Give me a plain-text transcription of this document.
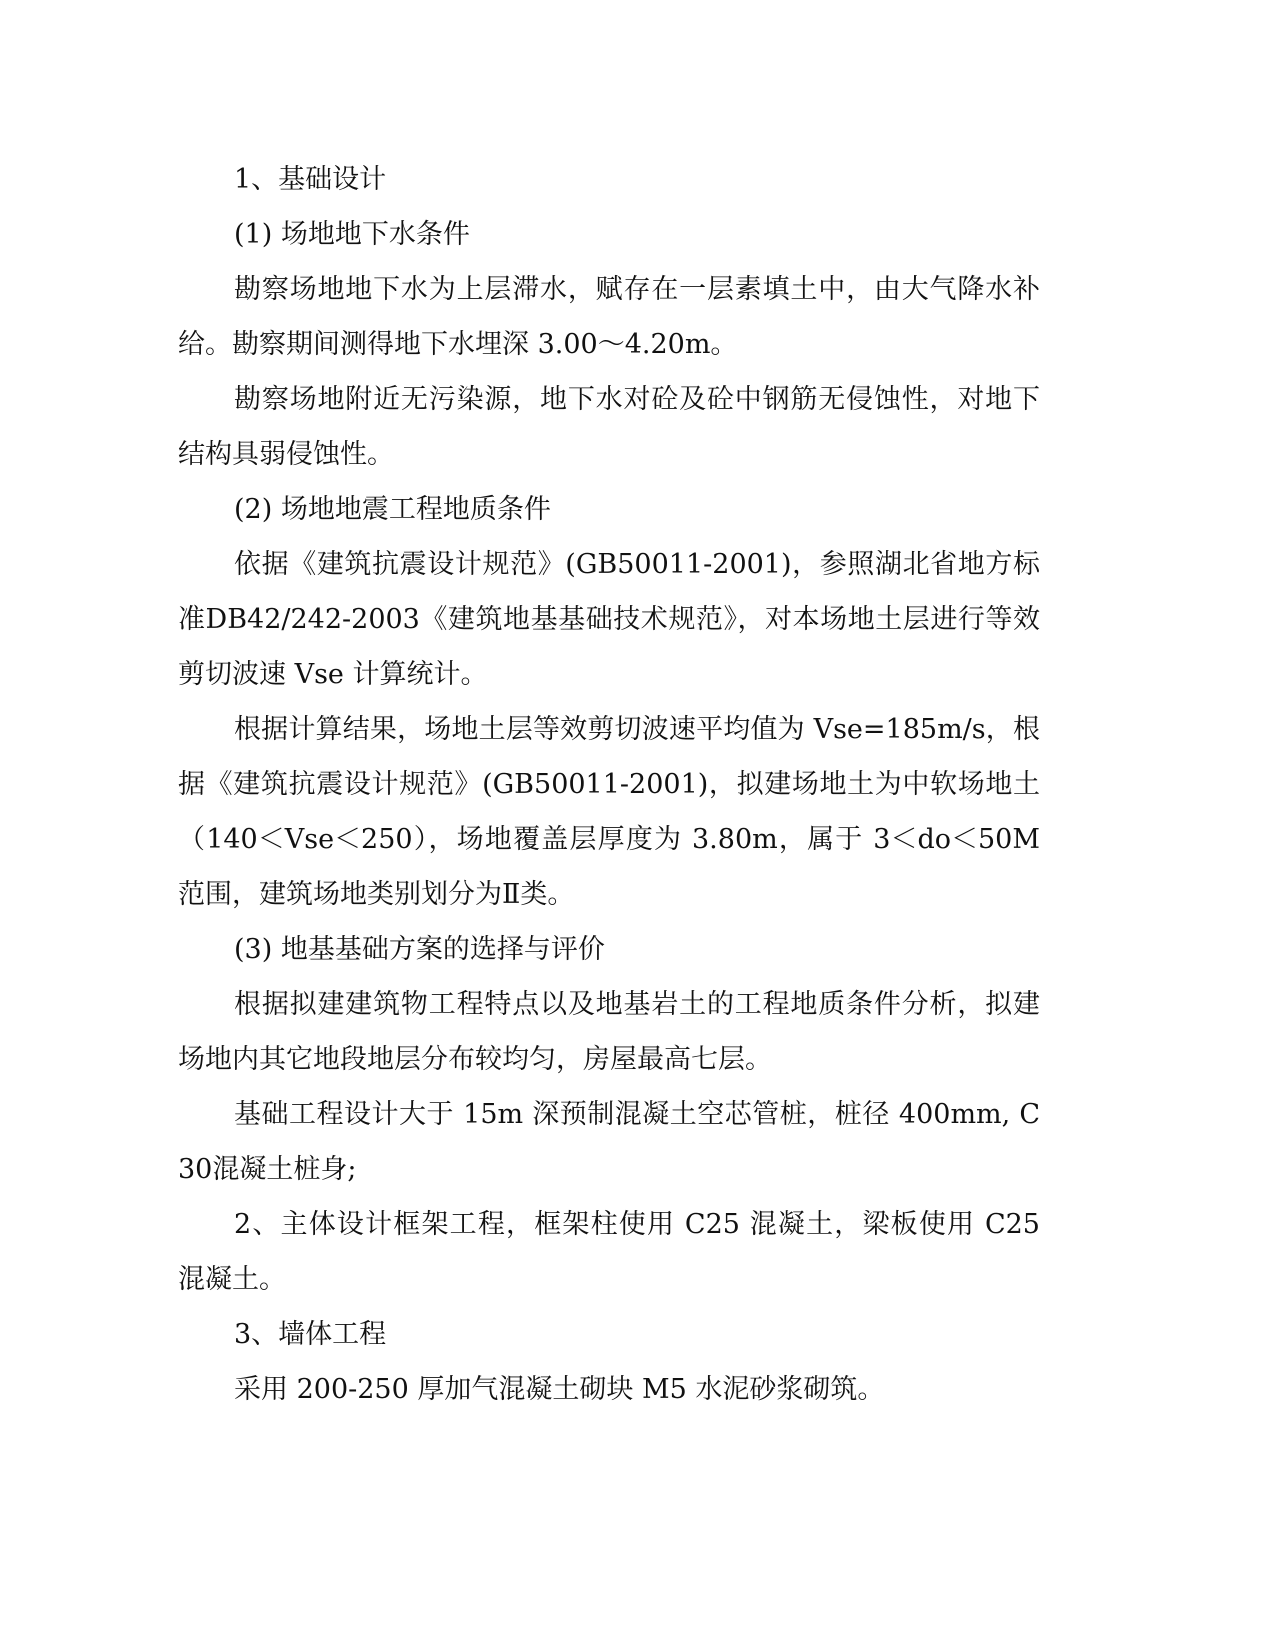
1、基础设计

(1) 场地地下水条件

勘察场地地下水为上层滞水，赋存在一层素填土中，由大气降水补给。勘察期间测得地下水埋深 3.00～4.20m。

勘察场地附近无污染源，地下水对砼及砼中钢筋无侵蚀性，对地下结构具弱侵蚀性。

(2) 场地地震工程地质条件

依据《建筑抗震设计规范》(GB50011-2001)，参照湖北省地方标准DB42/242-2003《建筑地基基础技术规范》，对本场地土层进行等效剪切波速 Vse 计算统计。

根据计算结果，场地土层等效剪切波速平均值为 Vse=185m/s，根据《建筑抗震设计规范》(GB50011-2001)，拟建场地土为中软场地土（140＜Vse＜250），场地覆盖层厚度为 3.80m，属于 3＜do＜50M 范围，建筑场地类别划分为Ⅱ类。

(3) 地基基础方案的选择与评价

根据拟建建筑物工程特点以及地基岩土的工程地质条件分析，拟建场地内其它地段地层分布较均匀，房屋最高七层。

基础工程设计大于 15m 深预制混凝土空芯管桩，桩径 400mm, C30混凝土桩身;

2、主体设计框架工程，框架柱使用 C25 混凝土，梁板使用 C25 混凝土。

3、墙体工程

采用 200-250 厚加气混凝土砌块 M5 水泥砂浆砌筑。
